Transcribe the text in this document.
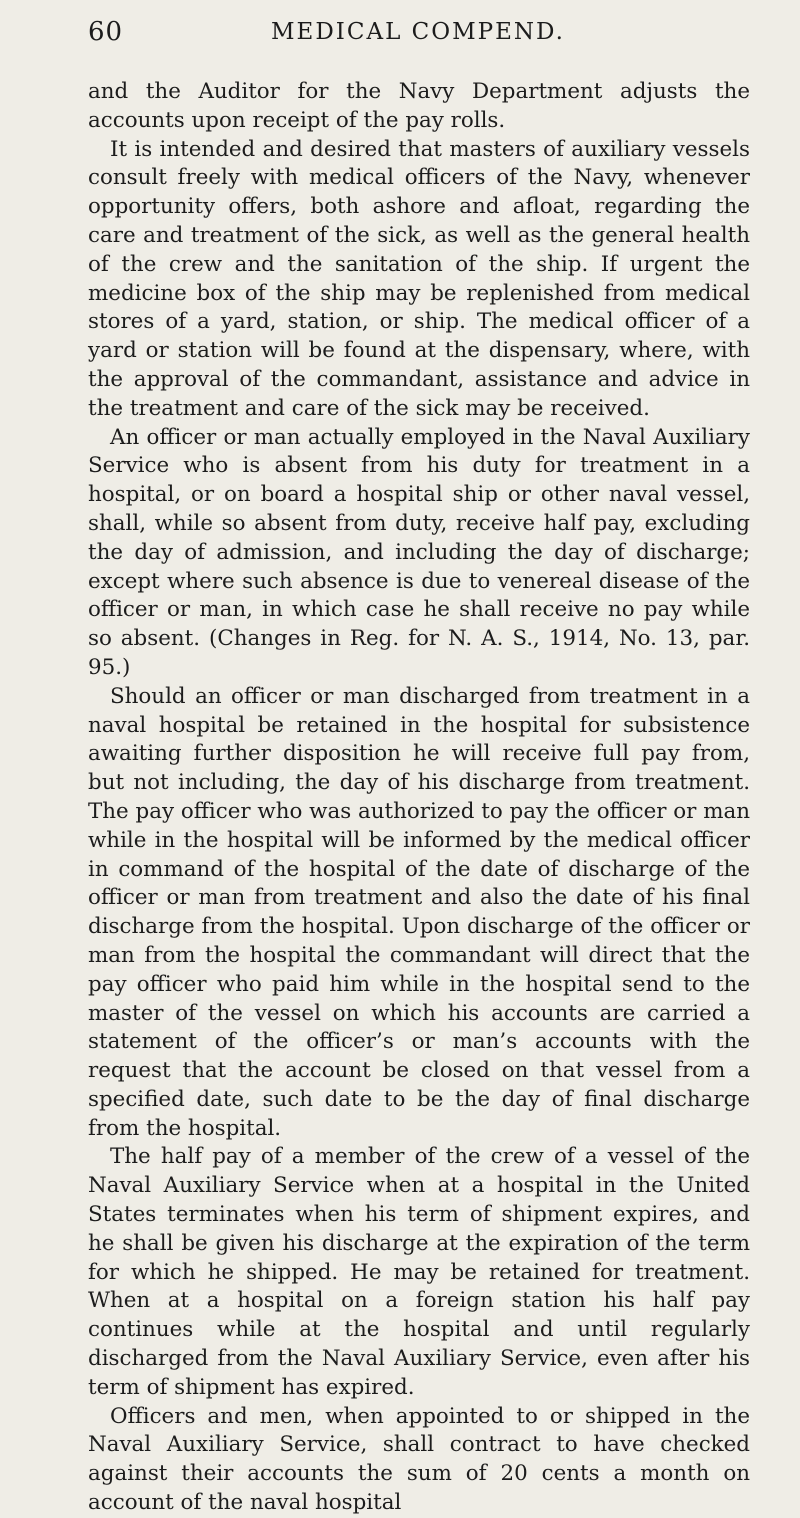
60	MEDICAL COMPEND.

and the Auditor for the Navy Department adjusts the accounts upon receipt of the pay rolls.

It is intended and desired that masters of auxiliary vessels consult freely with medical officers of the Navy, whenever opportunity offers, both ashore and afloat, regarding the care and treatment of the sick, as well as the general health of the crew and the sanitation of the ship. If urgent the medicine box of the ship may be replenished from medical stores of a yard, station, or ship. The medical officer of a yard or station will be found at the dispensary, where, with the approval of the commandant, assistance and advice in the treatment and care of the sick may be received.

An officer or man actually employed in the Naval Auxiliary Service who is absent from his duty for treatment in a hospital, or on board a hospital ship or other naval vessel, shall, while so absent from duty, receive half pay, excluding the day of admission, and including the day of discharge; except where such absence is due to venereal disease of the officer or man, in which case he shall receive no pay while so absent. (Changes in Reg. for N. A. S., 1914, No. 13, par. 95.)

Should an officer or man discharged from treatment in a naval hospital be retained in the hospital for subsistence awaiting further disposition he will receive full pay from, but not including, the day of his discharge from treatment. The pay officer who was authorized to pay the officer or man while in the hospital will be informed by the medical officer in command of the hospital of the date of discharge of the officer or man from treatment and also the date of his final discharge from the hospital. Upon discharge of the officer or man from the hospital the commandant will direct that the pay officer who paid him while in the hospital send to the master of the vessel on which his accounts are carried a statement of the officer’s or man’s accounts with the request that the account be closed on that vessel from a specified date, such date to be the day of final discharge from the hospital.

The half pay of a member of the crew of a vessel of the Naval Auxiliary Service when at a hospital in the United States terminates when his term of shipment expires, and he shall be given his discharge at the expiration of the term for which he shipped. He may be retained for treatment. When at a hospital on a foreign station his half pay continues while at the hospital and until regularly discharged from the Naval Auxiliary Service, even after his term of shipment has expired.

Officers and men, when appointed to or shipped in the Naval Auxiliary Service, shall contract to have checked against their accounts the sum of 20 cents a month on account of the naval hospital
